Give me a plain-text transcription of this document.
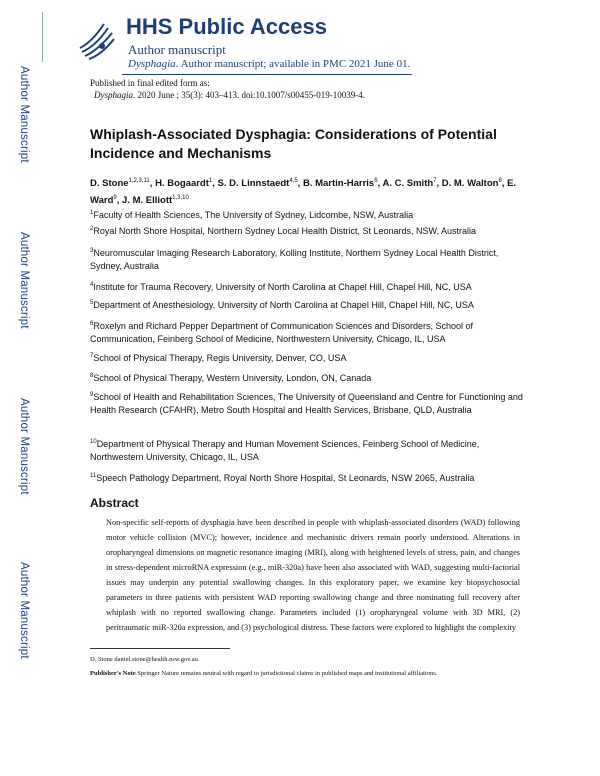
Author Manuscript
Author Manuscript
Author Manuscript
Author Manuscript
HHS Public Access
Author manuscript
Dysphagia. Author manuscript; available in PMC 2021 June 01.
Published in final edited form as:
Dysphagia. 2020 June ; 35(3): 403–413. doi:10.1007/s00455-019-10039-4.
Whiplash-Associated Dysphagia: Considerations of Potential Incidence and Mechanisms
D. Stone$^{1,2,3,11}$, H. Bogaardt$^1$, S. D. Linnstaedt$^{4,5}$, B. Martin-Harris$^6$, A. C. Smith$^7$, D. M. Walton$^8$, E. Ward$^9$, J. M. Elliott$^{1,3,10}$
$^1$Faculty of Health Sciences, The University of Sydney, Lidcombe, NSW, Australia
$^2$Royal North Shore Hospital, Northern Sydney Local Health District, St Leonards, NSW, Australia
$^3$Neuromuscular Imaging Research Laboratory, Kolling Institute, Northern Sydney Local Health District, Sydney, Australia
$^4$Institute for Trauma Recovery, University of North Carolina at Chapel Hill, Chapel Hill, NC, USA
$^5$Department of Anesthesiology, University of North Carolina at Chapel Hill, Chapel Hill, NC, USA
$^6$Roxelyn and Richard Pepper Department of Communication Sciences and Disorders, School of Communication, Feinberg School of Medicine, Northwestern University, Chicago, IL, USA
$^7$School of Physical Therapy, Regis University, Denver, CO, USA
$^8$School of Physical Therapy, Western University, London, ON, Canada
$^9$School of Health and Rehabilitation Sciences, The University of Queensland and Centre for Functioning and Health Research (CFAHR), Metro South Hospital and Health Services, Brisbane, QLD, Australia
$^{10}$Department of Physical Therapy and Human Movement Sciences, Feinberg School of Medicine, Northwestern University, Chicago, IL, USA
$^{11}$Speech Pathology Department, Royal North Shore Hospital, St Leonards, NSW 2065, Australia
Abstract
Non-specific self-reports of dysphagia have been described in people with whiplash-associated disorders (WAD) following motor vehicle collision (MVC); however, incidence and mechanistic drivers remain poorly understood. Alterations in oropharyngeal dimensions on magnetic resonance imaging (MRI), along with heightened levels of stress, pain, and changes in stress-dependent microRNA expression (e.g., miR-320a) have been also associated with WAD, suggesting multi-factorial issues may underpin any potential swallowing changes. In this exploratory paper, we examine key biopsychosocial parameters in three patients with persistent WAD reporting swallowing change and three nominating full recovery after whiplash with no reported swallowing change. Parameters included (1) oropharyngeal volume with 3D MRI, (2) peritraumatic miR-320a expression, and (3) psychological distress. These factors were explored to highlight the complexity
D. Stone daniel.stone@health.nsw.gov.au.
Publisher's Note Springer Nature remains neutral with regard to jurisdictional claims in published maps and institutional affiliations.
